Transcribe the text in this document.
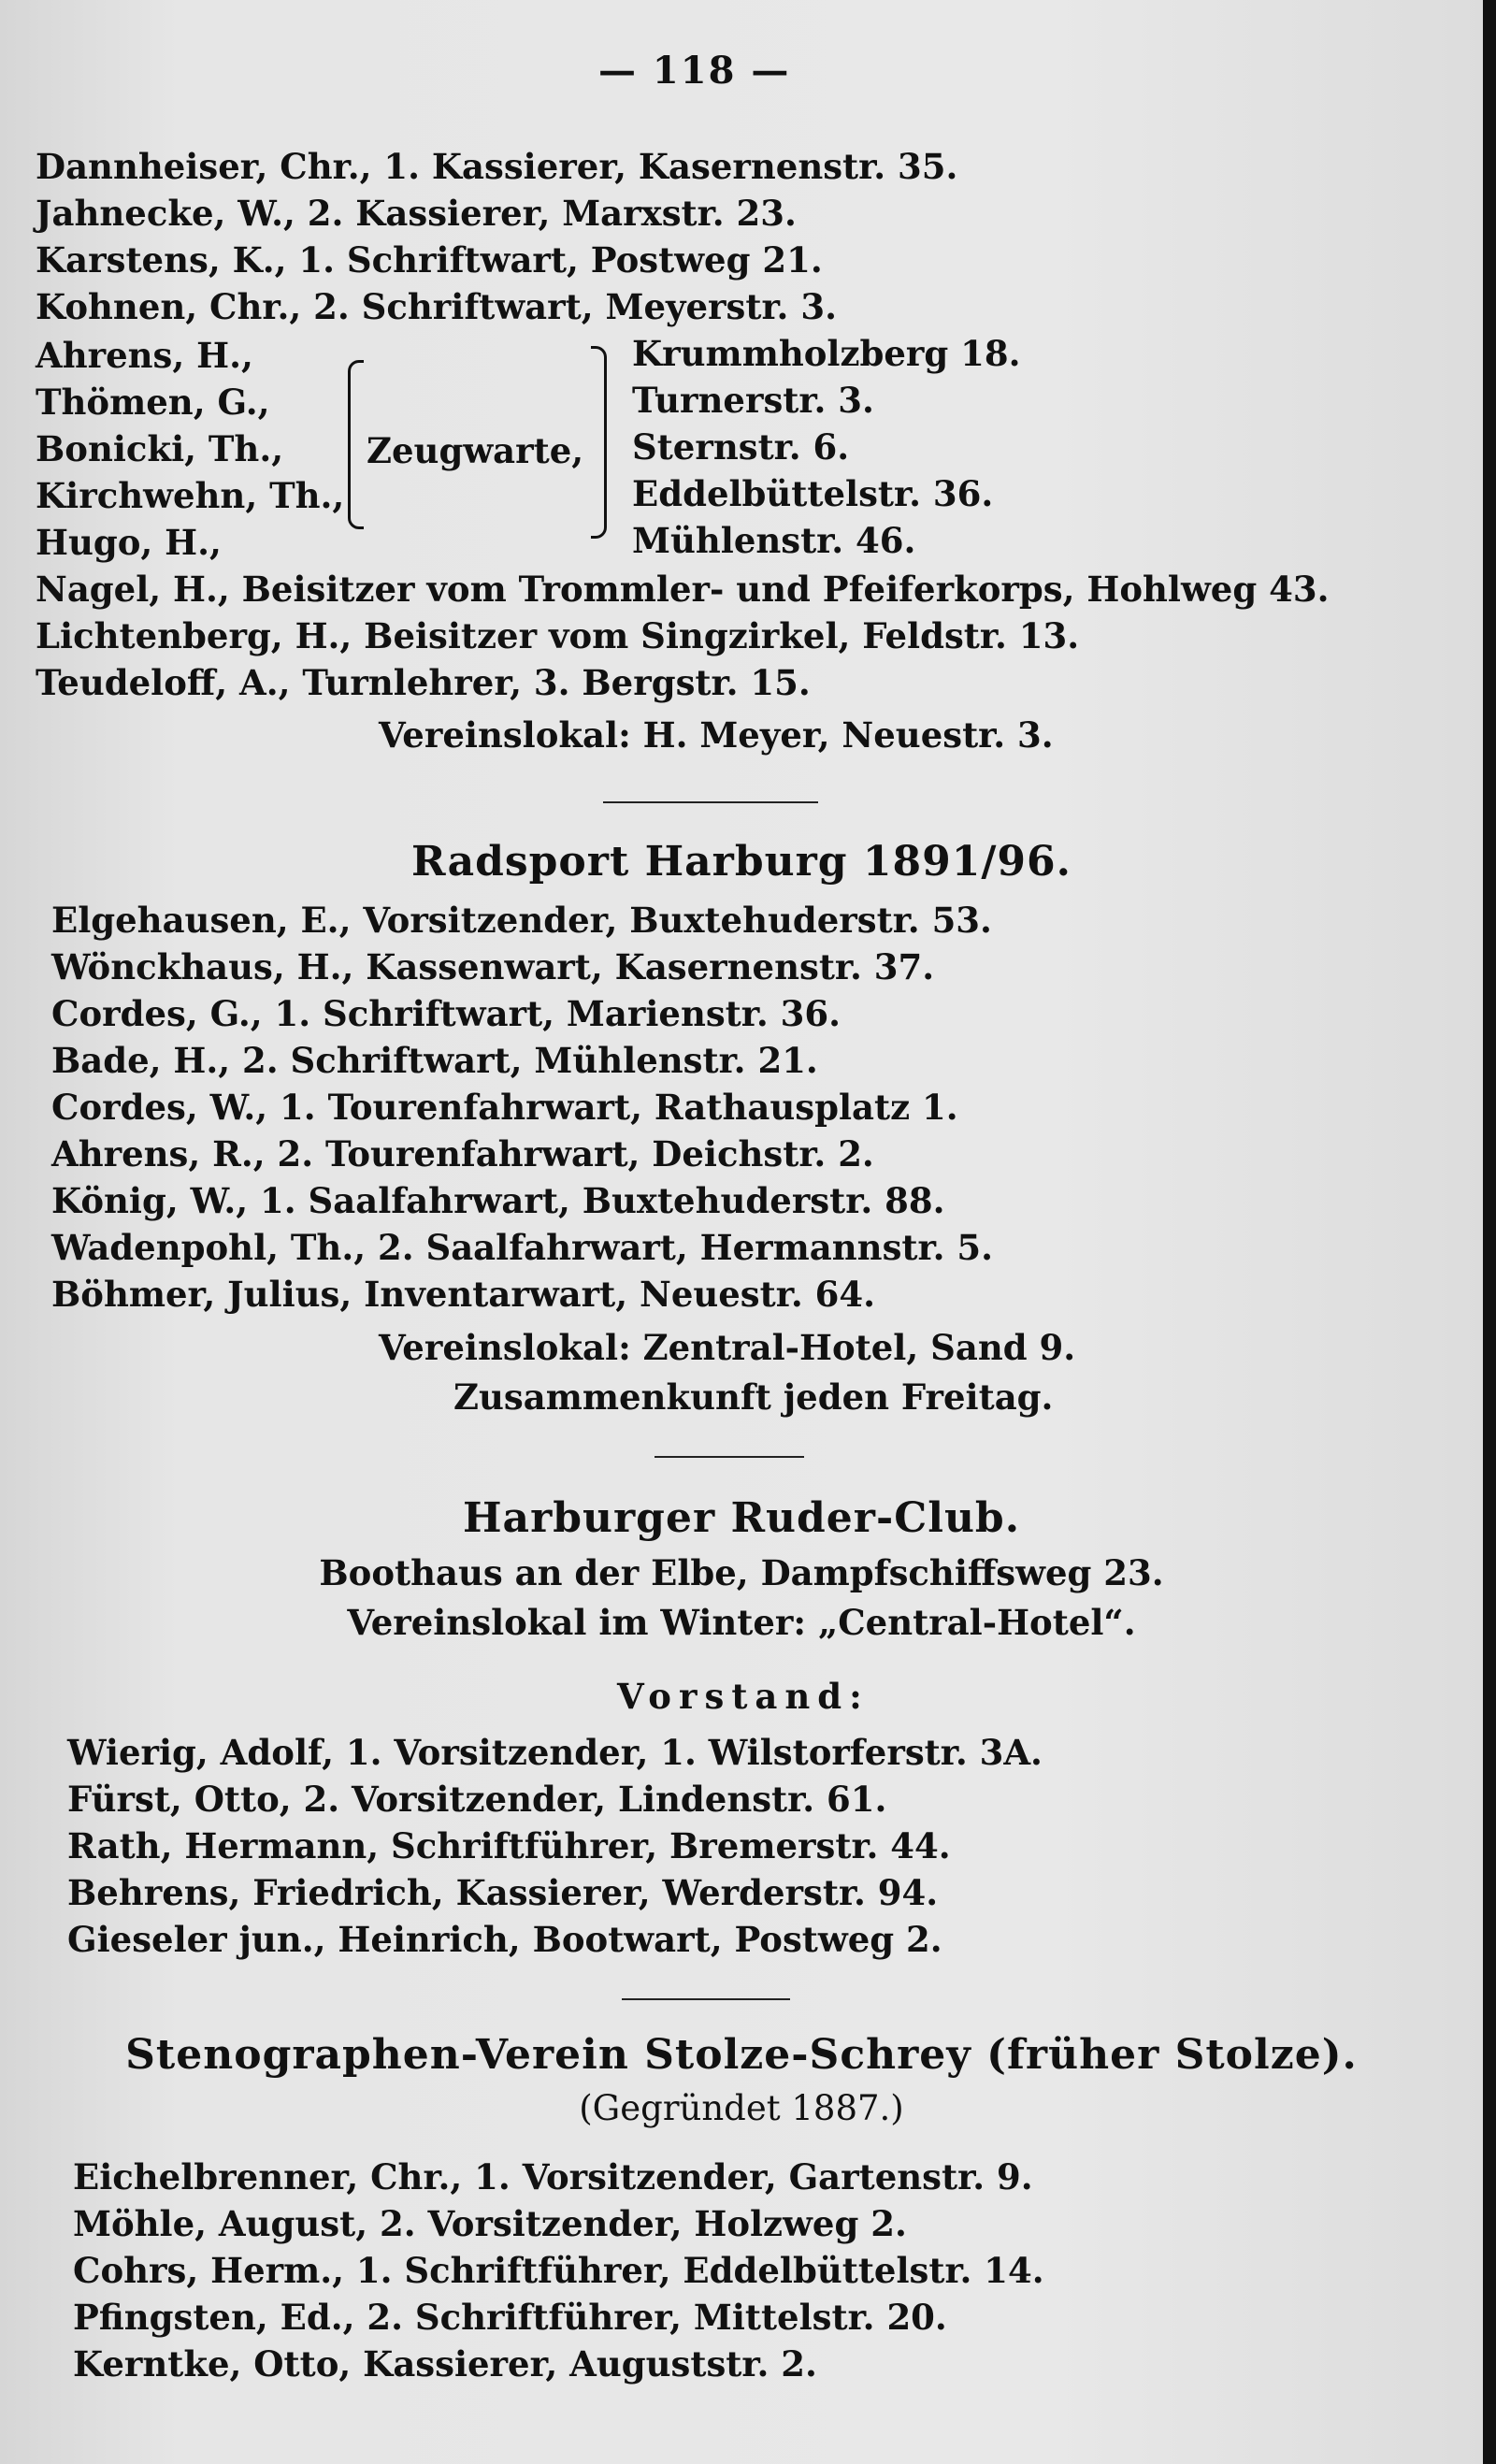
— 118 —
Dannheiser, Chr., 1. Kassierer, Kasernenstr. 35.
Jahnecke, W., 2. Kassierer, Marxstr. 23.
Karstens, K., 1. Schriftwart, Postweg 21.
Kohnen, Chr., 2. Schriftwart, Meyerstr. 3.
Ahrens, H.,
Thömen, G.,
Bonicki, Th.,
Kirchwehn, Th.,
Hugo, H.,
Zeugwarte,
Krummholzberg 18.
Turnerstr. 3.
Sternstr. 6.
Eddelbüttelstr. 36.
Mühlenstr. 46.
Nagel, H., Beisitzer vom Trommler- und Pfeiferkorps, Hohlweg 43.
Lichtenberg, H., Beisitzer vom Singzirkel, Feldstr. 13.
Teudeloff, A., Turnlehrer, 3. Bergstr. 15.
Vereinslokal: H. Meyer, Neuestr. 3.
Radsport Harburg 1891/96.
Elgehausen, E., Vorsitzender, Buxtehuderstr. 53.
Wönckhaus, H., Kassenwart, Kasernenstr. 37.
Cordes, G., 1. Schriftwart, Marienstr. 36.
Bade, H., 2. Schriftwart, Mühlenstr. 21.
Cordes, W., 1. Tourenfahrwart, Rathausplatz 1.
Ahrens, R., 2. Tourenfahrwart, Deichstr. 2.
König, W., 1. Saalfahrwart, Buxtehuderstr. 88.
Wadenpohl, Th., 2. Saalfahrwart, Hermannstr. 5.
Böhmer, Julius, Inventarwart, Neuestr. 64.
Vereinslokal: Zentral-Hotel, Sand 9.
Zusammenkunft jeden Freitag.
Harburger Ruder-Club.
Boothaus an der Elbe, Dampfschiffsweg 23.
Vereinslokal im Winter: „Central-Hotel“.
Vorstand:
Wierig, Adolf, 1. Vorsitzender, 1. Wilstorferstr. 3A.
Fürst, Otto, 2. Vorsitzender, Lindenstr. 61.
Rath, Hermann, Schriftführer, Bremerstr. 44.
Behrens, Friedrich, Kassierer, Werderstr. 94.
Gieseler jun., Heinrich, Bootwart, Postweg 2.
Stenographen-Verein Stolze-Schrey (früher Stolze).
(Gegründet 1887.)
Eichelbrenner, Chr., 1. Vorsitzender, Gartenstr. 9.
Möhle, August, 2. Vorsitzender, Holzweg 2.
Cohrs, Herm., 1. Schriftführer, Eddelbüttelstr. 14.
Pfingsten, Ed., 2. Schriftführer, Mittelstr. 20.
Kerntke, Otto, Kassierer, Auguststr. 2.
